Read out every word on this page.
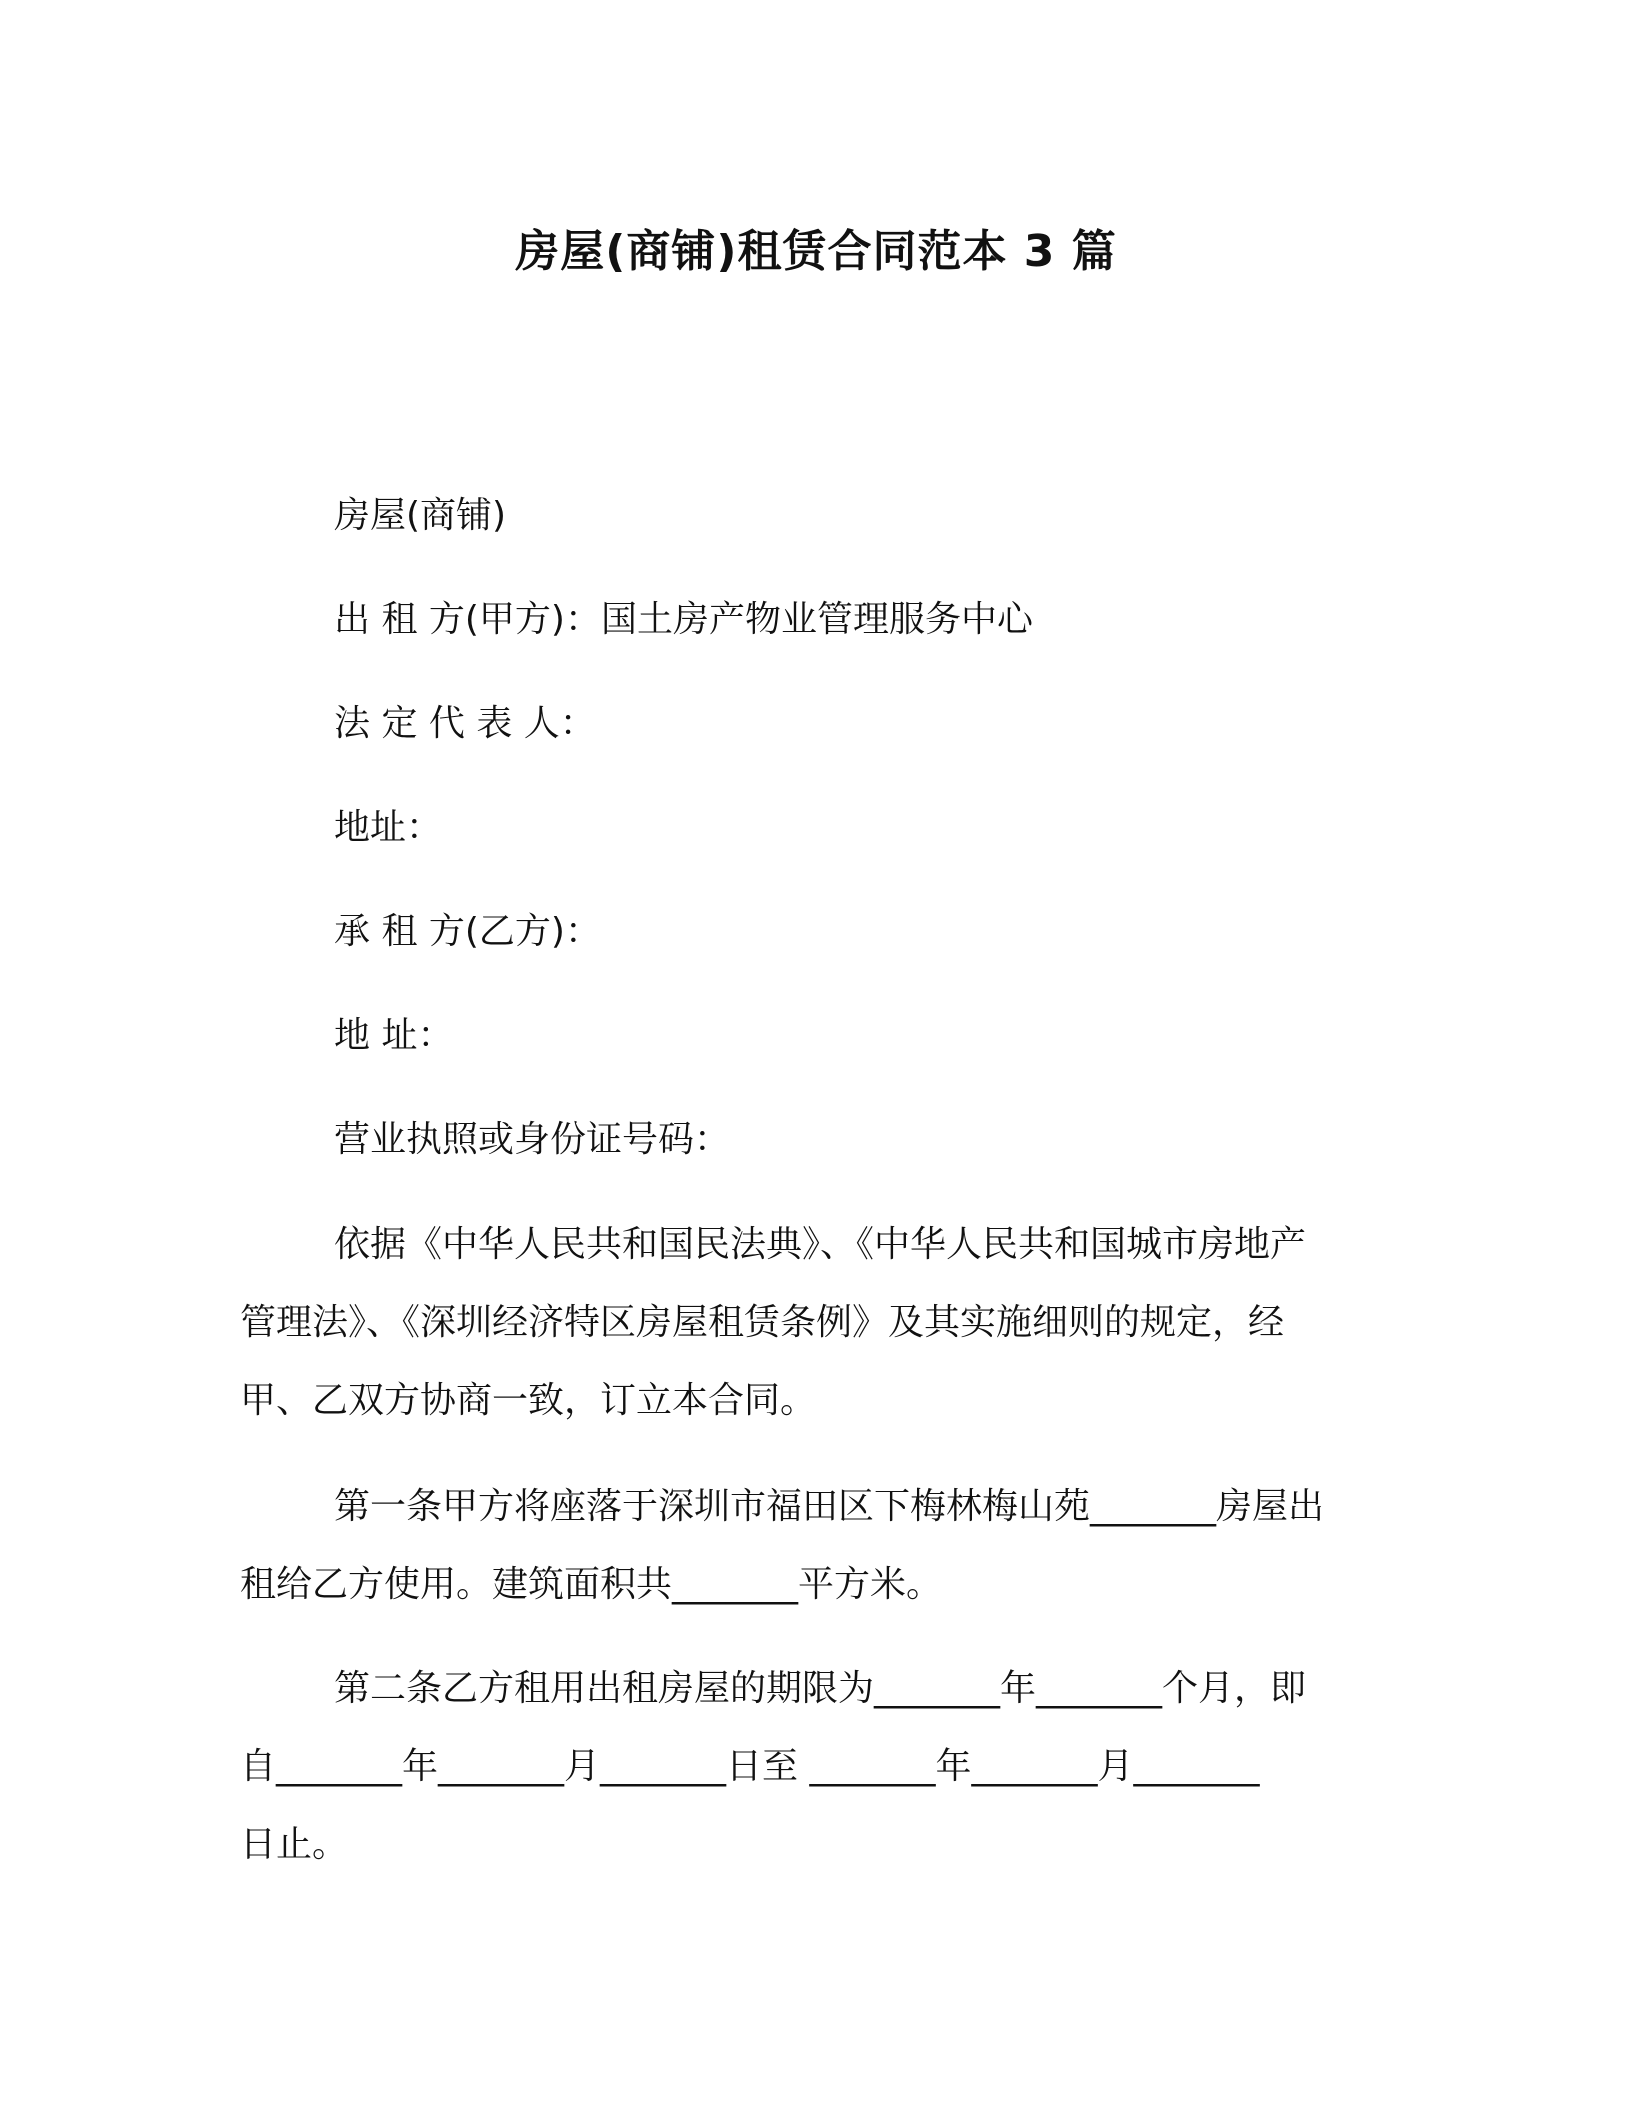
房屋(商铺)租赁合同范本 3 篇
房屋(商铺)
出 租 方(甲方)：国土房产物业管理服务中心
法 定 代 表 人：
地址：
承 租 方(乙方)：
地 址：
营业执照或身份证号码：
依据《中华人民共和国民法典》、《中华人民共和国城市房地产
管理法》、《深圳经济特区房屋租赁条例》及其实施细则的规定，经
甲、乙双方协商一致，订立本合同。
第一条甲方将座落于深圳市福田区下梅林梅山苑_______房屋出
租给乙方使用。建筑面积共_______平方米。
第二条乙方租用出租房屋的期限为_______年_______个月，即
自_______年_______月_______日至 _______年_______月_______
日止。
